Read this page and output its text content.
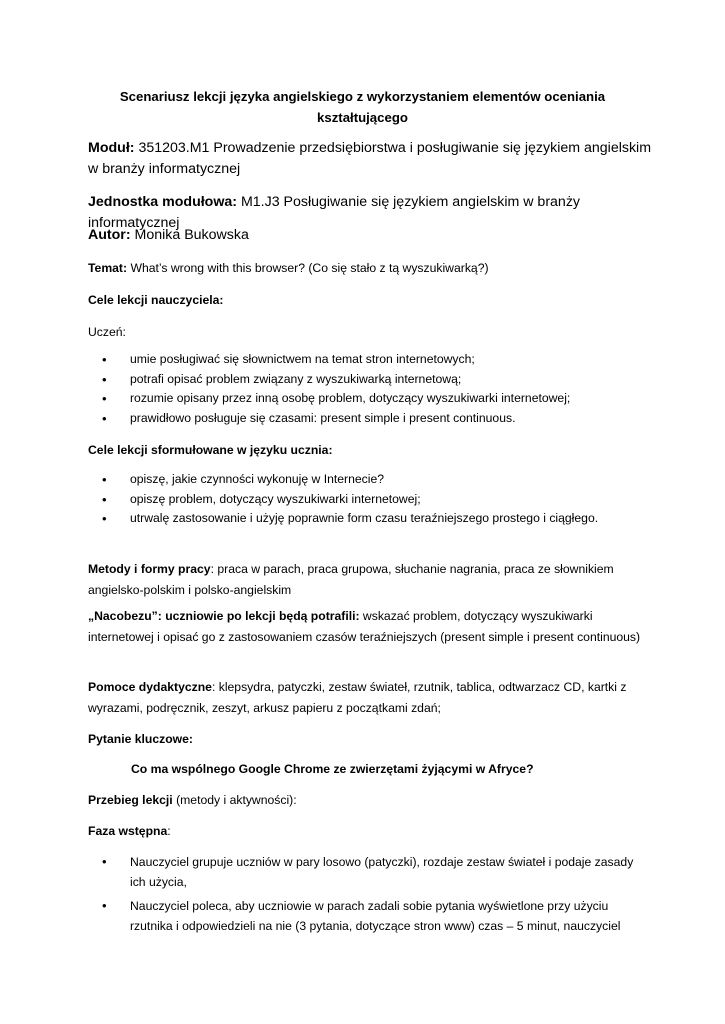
Scenariusz lekcji języka angielskiego z wykorzystaniem elementów oceniania
kształtującego
Moduł: 351203.M1 Prowadzenie przedsiębiorstwa i posługiwanie się językiem angielskim w branży informatycznej
Jednostka modułowa: M1.J3 Posługiwanie się językiem angielskim w branży informatycznej
Autor: Monika Bukowska
Temat: What’s wrong with this browser? (Co się stało z tą wyszukiwarką?)
Cele lekcji nauczyciela:
Uczeń:
• umie posługiwać się słownictwem na temat stron internetowych;
• potrafi opisać problem związany z wyszukiwarką internetową;
• rozumie opisany przez inną osobę problem, dotyczący wyszukiwarki internetowej;
• prawidłowo posługuje się czasami: present simple i present continuous.
Cele lekcji sformułowane w języku ucznia:
• opiszę, jakie czynności wykonuję w Internecie?
• opiszę problem, dotyczący wyszukiwarki internetowej;
• utrwalę zastosowanie i użyję poprawnie form czasu teraźniejszego prostego i ciągłego.
Metody i formy pracy: praca w parach, praca grupowa, słuchanie nagrania, praca ze słownikiem angielsko-polskim i polsko-angielskim
„Nacobezu”: uczniowie po lekcji będą potrafili: wskazać problem, dotyczący wyszukiwarki internetowej i opisać go z zastosowaniem czasów teraźniejszych (present simple i present continuous)
Pomoce dydaktyczne: klepsydra, patyczki, zestaw świateł, rzutnik, tablica, odtwarzacz CD, kartki z wyrazami, podręcznik, zeszyt, arkusz papieru z początkami zdań;
Pytanie kluczowe:
Co ma wspólnego Google Chrome ze zwierzętami żyjącymi w Afryce?
Przebieg lekcji (metody i aktywności):
Faza wstępna:
• Nauczyciel grupuje uczniów w pary losowo (patyczki), rozdaje zestaw świateł i podaje zasady ich użycia,
• Nauczyciel poleca, aby uczniowie w parach zadali sobie pytania wyświetlone przy użyciu rzutnika i odpowiedzieli na nie (3 pytania, dotyczące stron www) czas – 5 minut, nauczyciel
